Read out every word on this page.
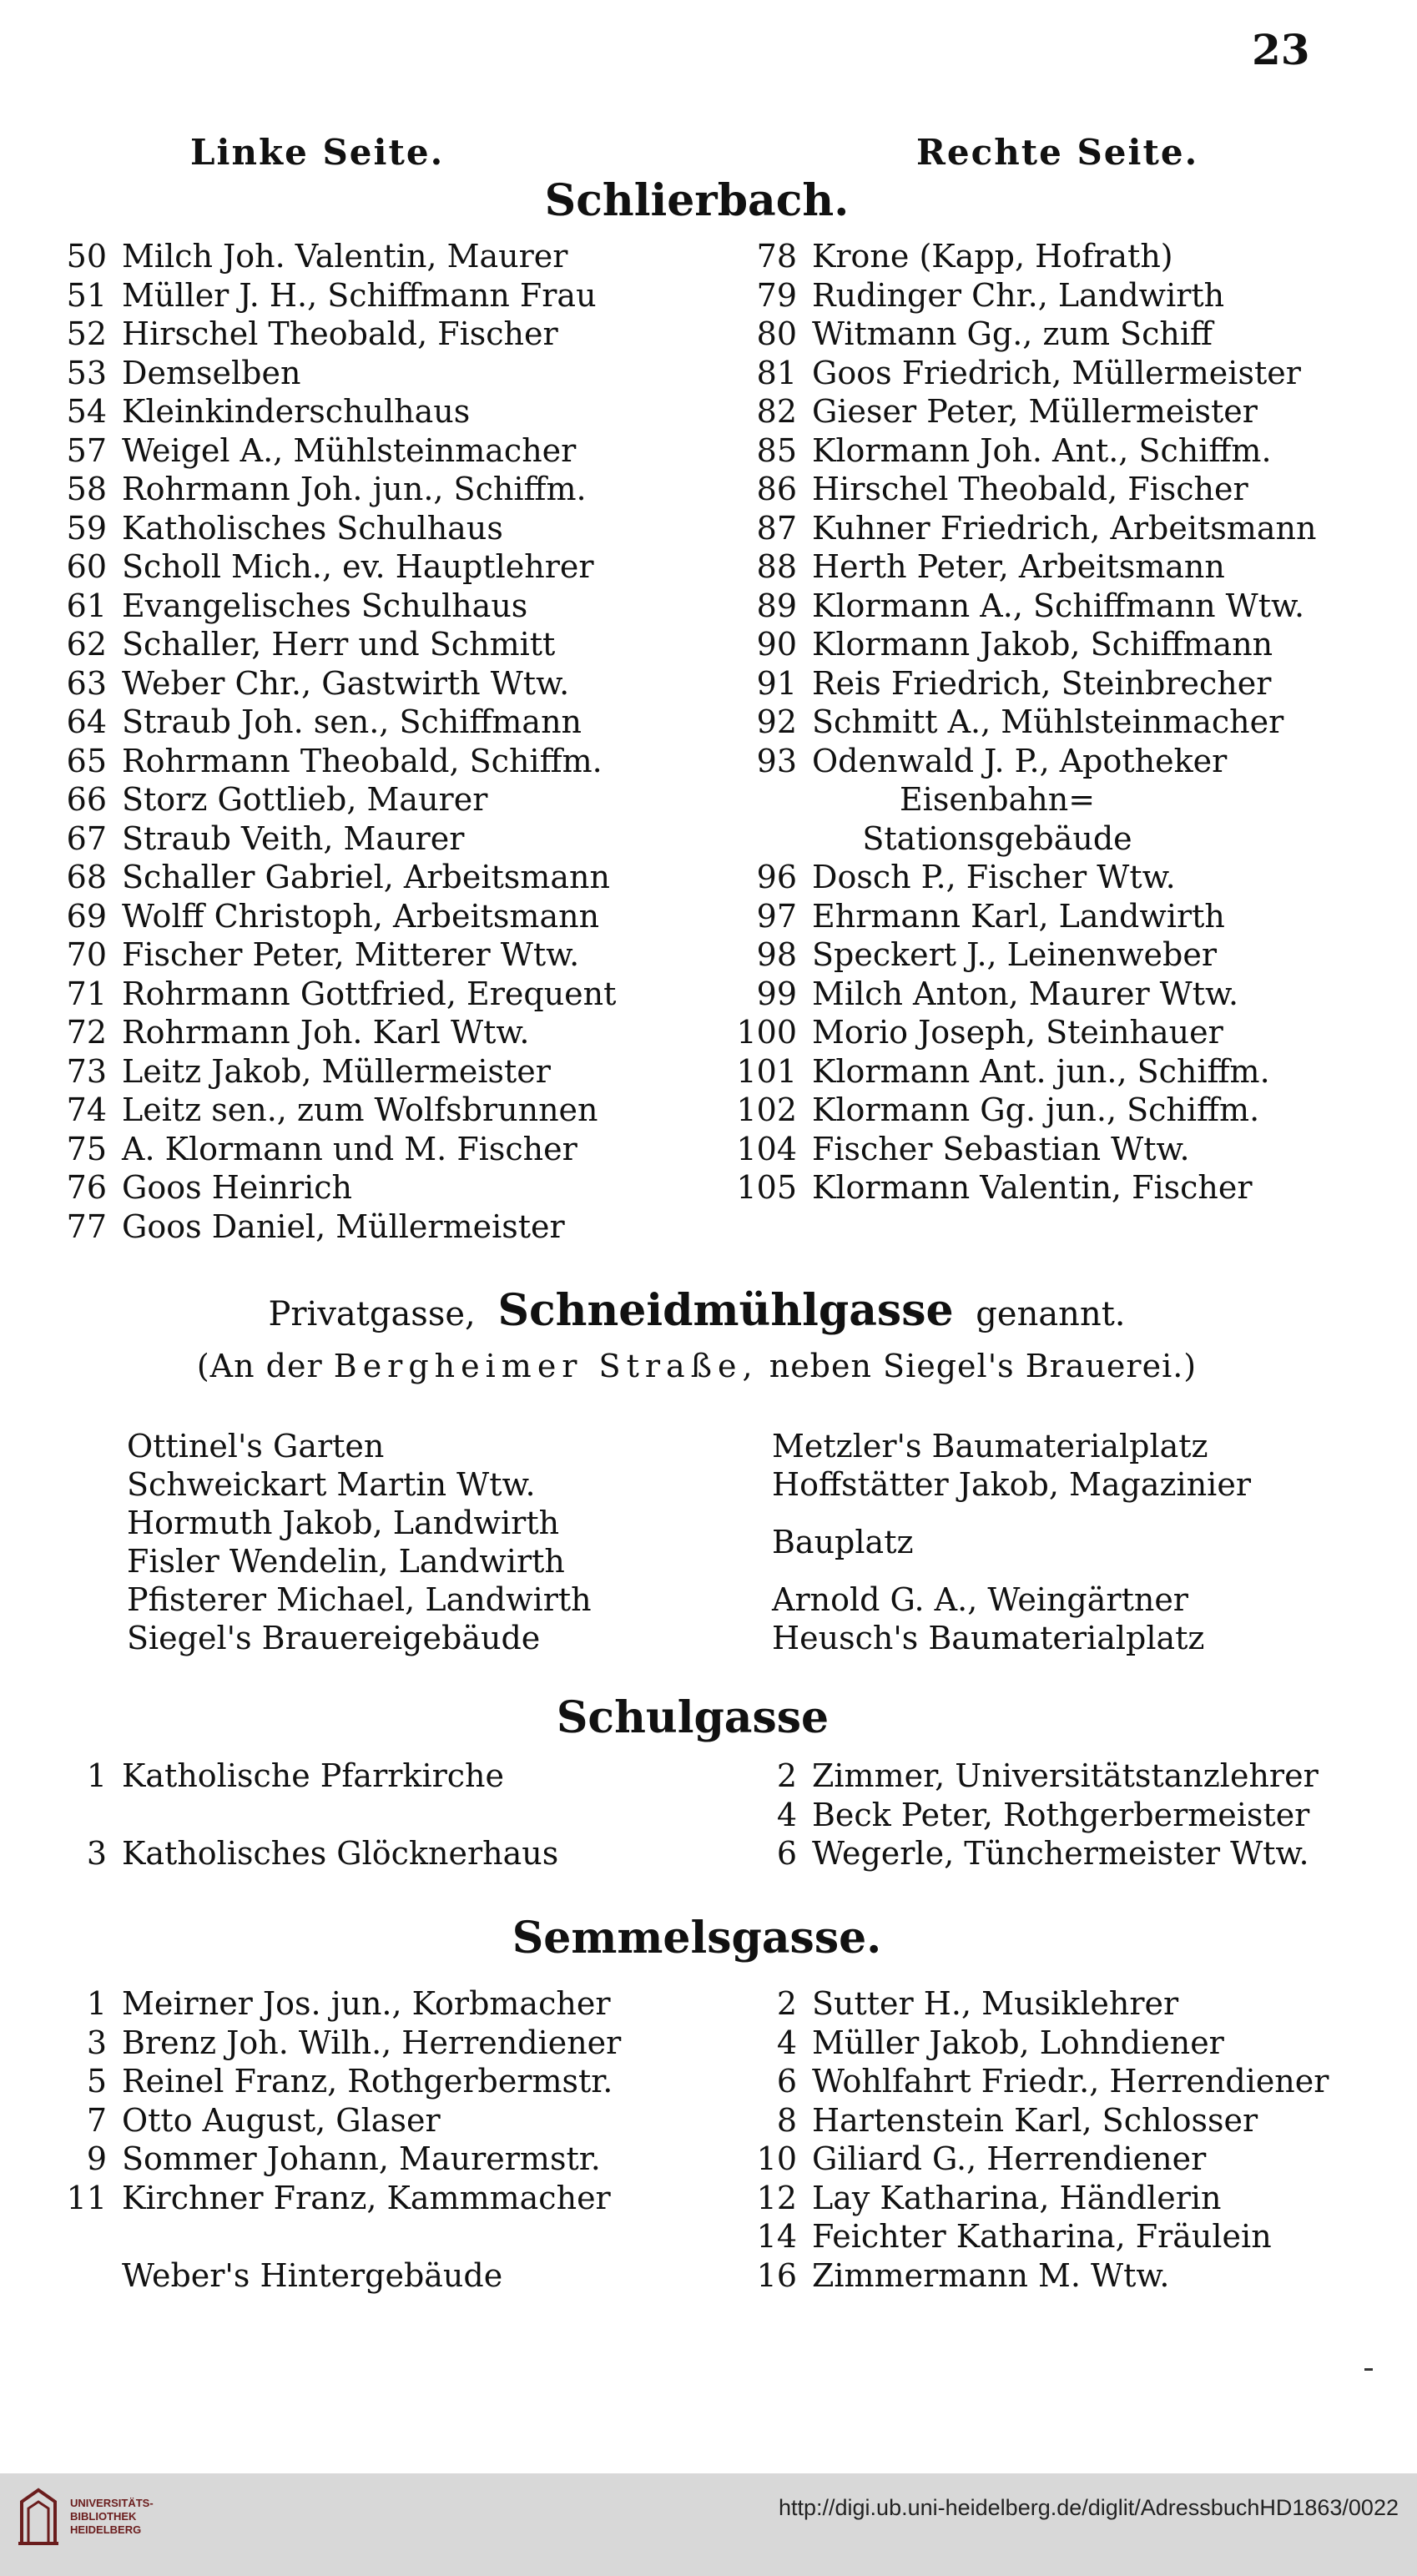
23
Linke Seite.	Rechte Seite.
Schlierbach.
50 Milch Joh. Valentin, Maurer
51 Müller J. H., Schiffmann Frau
52 Hirschel Theobald, Fischer
53 Demselben
54 Kleinkinderschulhaus
57 Weigel A., Mühlsteinmacher
58 Rohrmann Joh. jun., Schiffm.
59 Katholisches Schulhaus
60 Scholl Mich., ev. Hauptlehrer
61 Evangelisches Schulhaus
62 Schaller, Herr und Schmitt
63 Weber Chr., Gastwirth Wtw.
64 Straub Joh. sen., Schiffmann
65 Rohrmann Theobald, Schiffm.
66 Storz Gottlieb, Maurer
67 Straub Veith, Maurer
68 Schaller Gabriel, Arbeitsmann
69 Wolff Christoph, Arbeitsmann
70 Fischer Peter, Mitterer Wtw.
71 Rohrmann Gottfried, Erequent
72 Rohrmann Joh. Karl Wtw.
73 Leitz Jakob, Müllermeister
74 Leitz sen., zum Wolfsbrunnen
75 A. Klormann und M. Fischer
76 Goos Heinrich
77 Goos Daniel, Müllermeister
78 Krone (Kapp, Hofrath)
79 Rudinger Chr., Landwirth
80 Witmann Gg., zum Schiff
81 Goos Friedrich, Müllermeister
82 Gieser Peter, Müllermeister
85 Klormann Joh. Ant., Schiffm.
86 Hirschel Theobald, Fischer
87 Kuhner Friedrich, Arbeitsmann
88 Herth Peter, Arbeitsmann
89 Klormann A., Schiffmann Wtw.
90 Klormann Jakob, Schiffmann
91 Reis Friedrich, Steinbrecher
92 Schmitt A., Mühlsteinmacher
93 Odenwald J. P., Apotheker
Eisenbahn=
Stationsgebäude
96 Dosch P., Fischer Wtw.
97 Ehrmann Karl, Landwirth
98 Speckert J., Leinenweber
99 Milch Anton, Maurer Wtw.
100 Morio Joseph, Steinhauer
101 Klormann Ant. jun., Schiffm.
102 Klormann Gg. jun., Schiffm.
104 Fischer Sebastian Wtw.
105 Klormann Valentin, Fischer
Privatgasse, Schneidmühlgasse genannt.
(An der Bergheimer Straße, neben Siegel's Brauerei.)
Ottinel's Garten
Schweickart Martin Wtw.
Hormuth Jakob, Landwirth
Fisler Wendelin, Landwirth
Pfisterer Michael, Landwirth
Siegel's Brauereigebäude
Metzler's Baumaterialplatz
Hoffstätter Jakob, Magazinier
Bauplatz
Arnold G. A., Weingärtner
Heusch's Baumaterialplatz
Schulgasse
1 Katholische Pfarrkirche
3 Katholisches Glöcknerhaus
2 Zimmer, Universitätstanzlehrer
4 Beck Peter, Rothgerbermeister
6 Wegerle, Tünchermeister Wtw.
Semmelsgasse.
1 Meirner Jos. jun., Korbmacher
3 Brenz Joh. Wilh., Herrendiener
5 Reinel Franz, Rothgerbermstr.
7 Otto August, Glaser
9 Sommer Johann, Maurermstr.
11 Kirchner Franz, Kammmacher
Weber's Hintergebäude
2 Sutter H., Musiklehrer
4 Müller Jakob, Lohndiener
6 Wohlfahrt Friedr., Herrendiener
8 Hartenstein Karl, Schlosser
10 Giliard G., Herrendiener
12 Lay Katharina, Händlerin
14 Feichter Katharina, Fräulein
16 Zimmermann M. Wtw.
UNIVERSITÄTS-
BIBLIOTHEK
HEIDELBERG
http://digi.ub.uni-heidelberg.de/diglit/AdressbuchHD1863/0022
